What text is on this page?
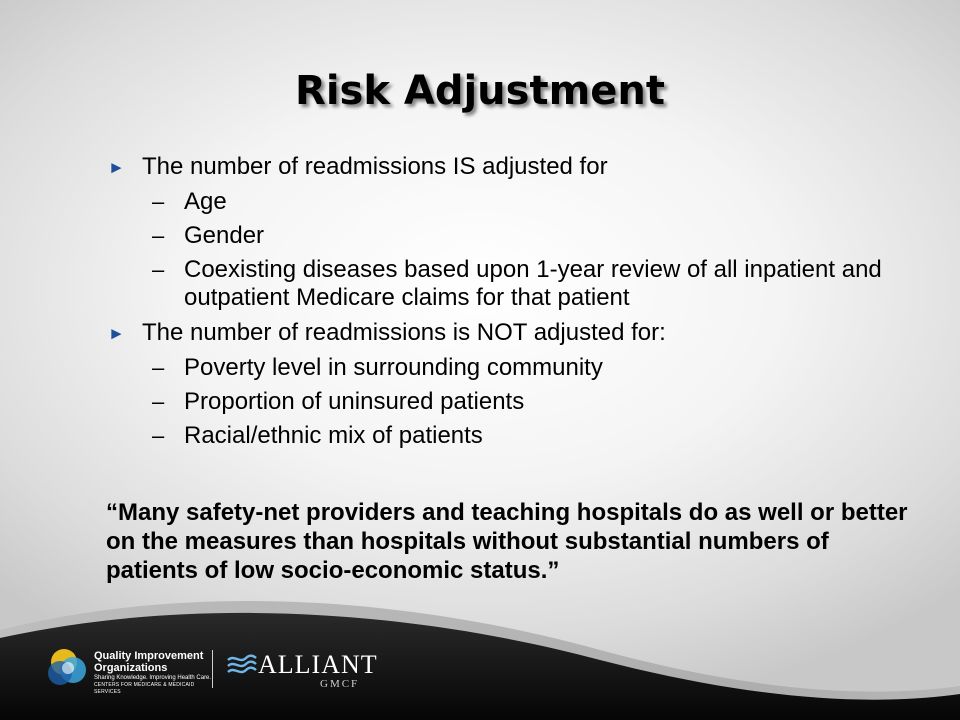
Risk Adjustment
► The number of readmissions IS adjusted for
– Age
– Gender
– Coexisting diseases based upon 1-year review of all inpatient and outpatient Medicare claims for that patient
► The number of readmissions is NOT adjusted for:
– Poverty level in surrounding community
– Proportion of uninsured patients
– Racial/ethnic mix of patients
“Many safety-net providers and teaching hospitals do as well or better on the measures than hospitals without substantial numbers of patients of low socio-economic status.”
Quality Improvement
Organizations
Sharing Knowledge. Improving Health Care.
CENTERS FOR MEDICARE & MEDICAID SERVICES
ALLIANT
GMCF
